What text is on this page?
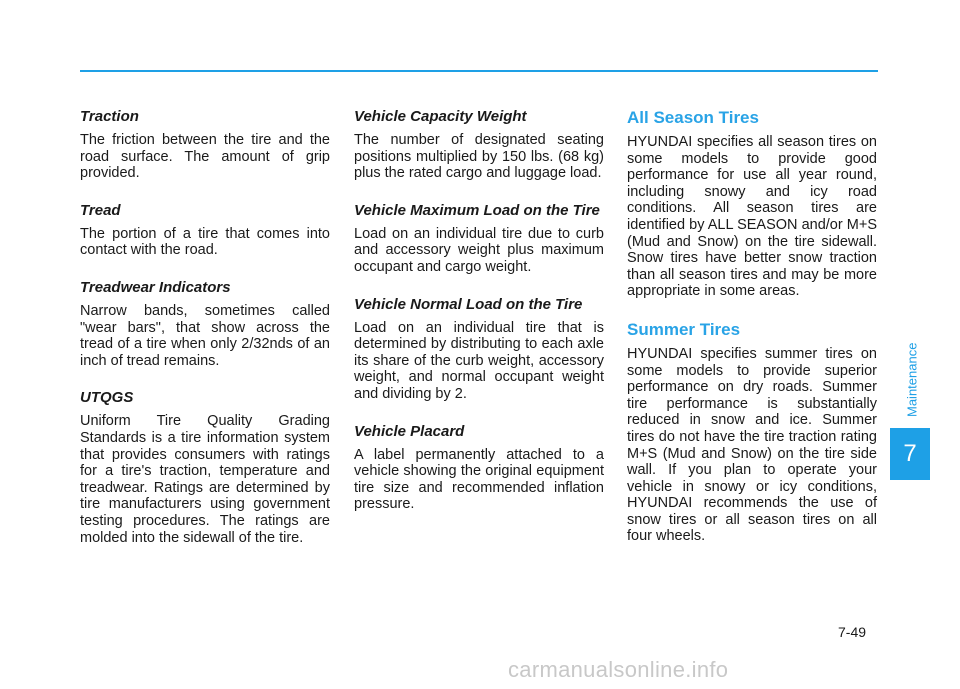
Maintenance
7
Traction
The friction between the tire and the road surface. The amount of grip provided.
Tread
The portion of a tire that comes into contact with the road.
Treadwear Indicators
Narrow bands, sometimes called "wear bars", that show across the tread of a tire when only 2/32nds of an inch of tread remains.
UTQGS
Uniform Tire Quality Grading Standards is a tire information system that provides consumers with ratings for a tire's traction, temperature and treadwear. Ratings are determined by tire manufacturers using government testing procedures. The ratings are molded into the sidewall of the tire.
Vehicle Capacity Weight
The number of designated seating positions multiplied by 150 lbs. (68 kg) plus the rated cargo and luggage load.
Vehicle Maximum Load on the Tire
Load on an individual tire due to curb and accessory weight plus maximum occupant and cargo weight.
Vehicle Normal Load on the Tire
Load on an individual tire that is determined by distributing to each axle its share of the curb weight, accessory weight, and normal occupant weight and dividing by 2.
Vehicle Placard
A label permanently attached to a vehicle showing the original equipment tire size and recommended inflation pressure.
All Season Tires
HYUNDAI specifies all season tires on some models to provide good performance for use all year round, including snowy and icy road conditions. All season tires are identified by ALL SEASON and/or M+S (Mud and Snow) on the tire sidewall. Snow tires have better snow traction than all season tires and may be more appropriate in some areas.
Summer Tires
HYUNDAI specifies summer tires on some models to provide superior performance on dry roads. Summer tire performance is substantially reduced in snow and ice. Summer tires do not have the tire traction rating M+S (Mud and Snow) on the tire side wall. If you plan to operate your vehicle in snowy or icy conditions, HYUNDAI recommends the use of snow tires or all season tires on all four wheels.
7-49
carmanualsonline.info
